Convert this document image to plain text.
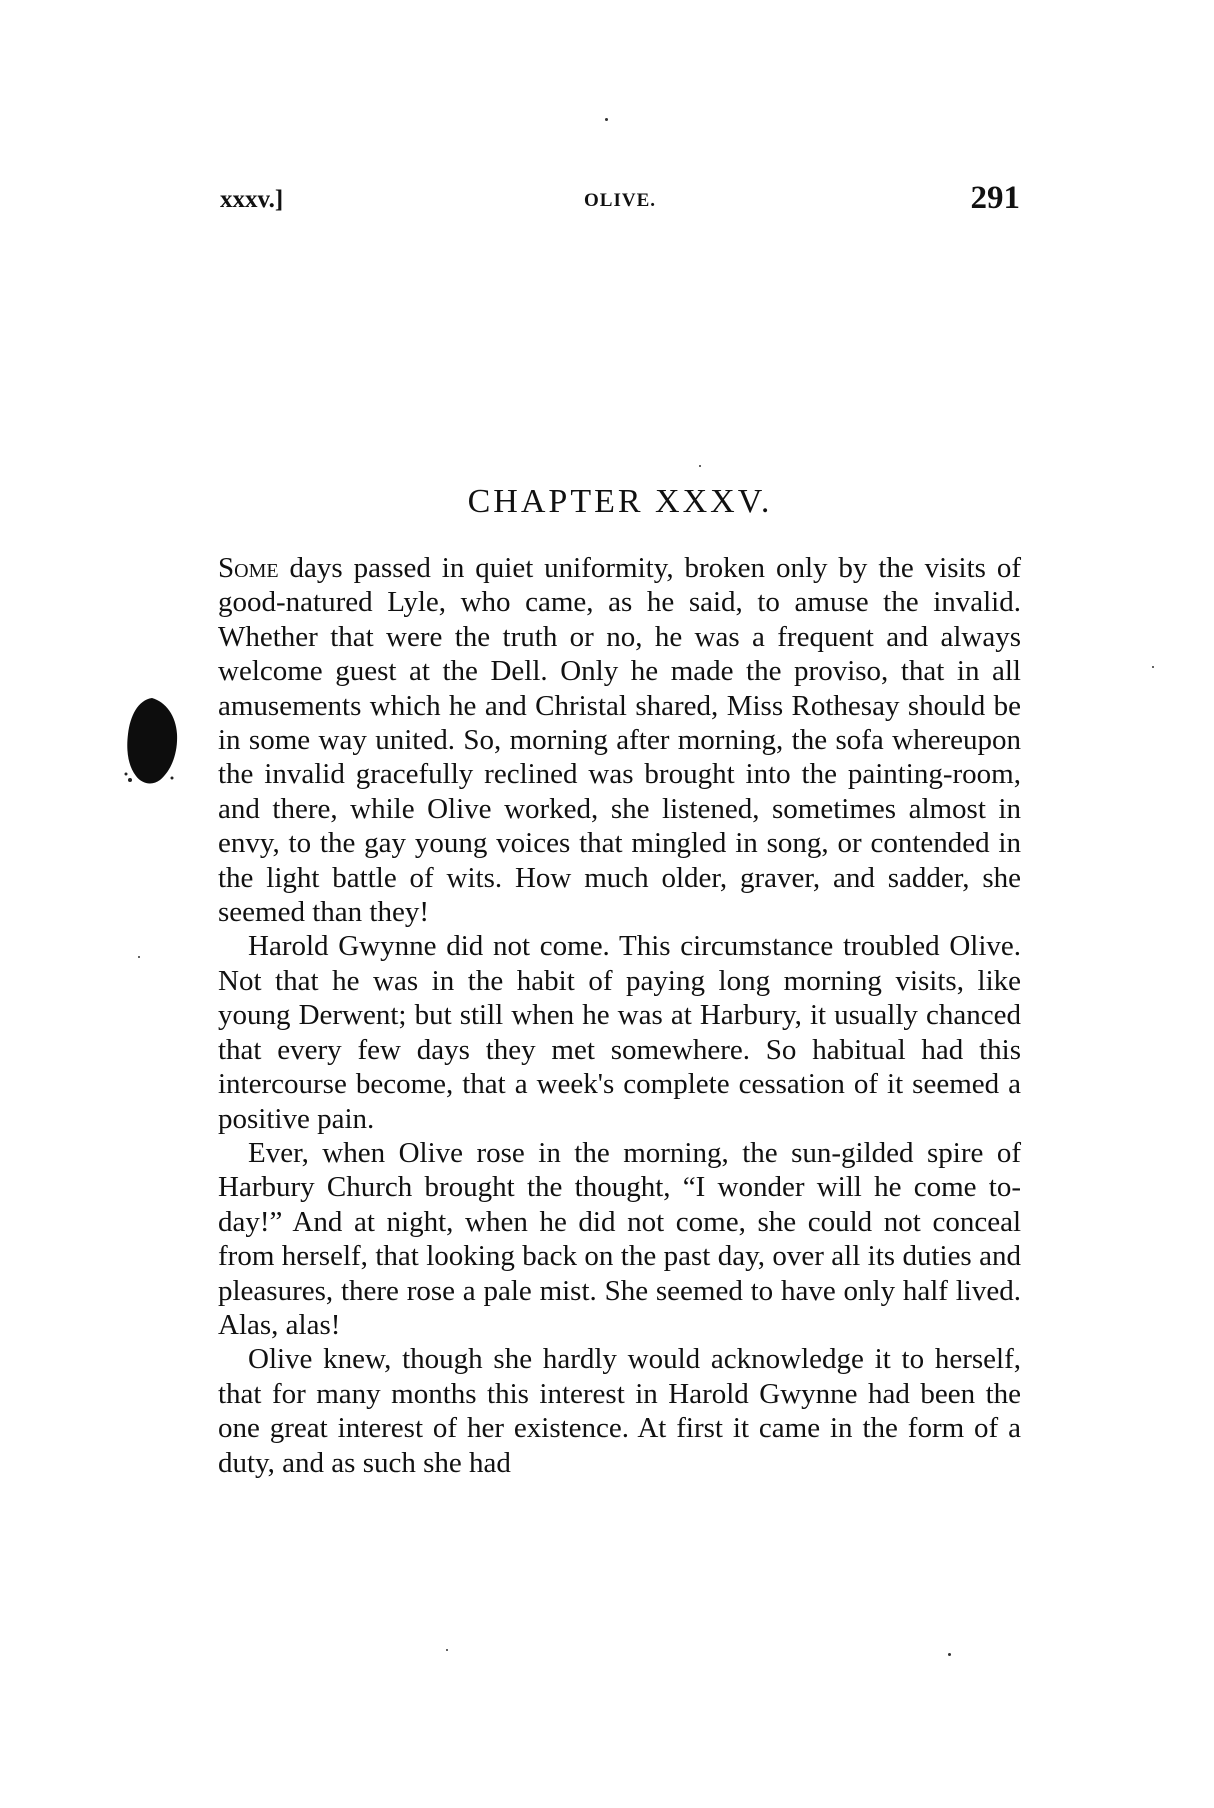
xxxv.]	OLIVE.	291
CHAPTER XXXV.

Some days passed in quiet uniformity, broken only by the visits of good-natured Lyle, who came, as he said, to amuse the invalid. Whether that were the truth or no, he was a frequent and always welcome guest at the Dell. Only he made the proviso, that in all amusements which he and Christal shared, Miss Rothesay should be in some way united. So, morning after morning, the sofa whereupon the invalid gracefully reclined was brought into the painting-room, and there, while Olive worked, she listened, sometimes almost in envy, to the gay young voices that mingled in song, or contended in the light battle of wits. How much older, graver, and sadder, she seemed than they!

Harold Gwynne did not come. This circumstance troubled Olive. Not that he was in the habit of paying long morning visits, like young Derwent; but still when he was at Harbury, it usually chanced that every few days they met somewhere. So habitual had this intercourse become, that a week's complete cessation of it seemed a positive pain.

Ever, when Olive rose in the morning, the sun-gilded spire of Harbury Church brought the thought, “I wonder will he come to-day!” And at night, when he did not come, she could not conceal from herself, that looking back on the past day, over all its duties and pleasures, there rose a pale mist. She seemed to have only half lived. Alas, alas!

Olive knew, though she hardly would acknowledge it to herself, that for many months this interest in Harold Gwynne had been the one great interest of her existence. At first it came in the form of a duty, and as such she had
